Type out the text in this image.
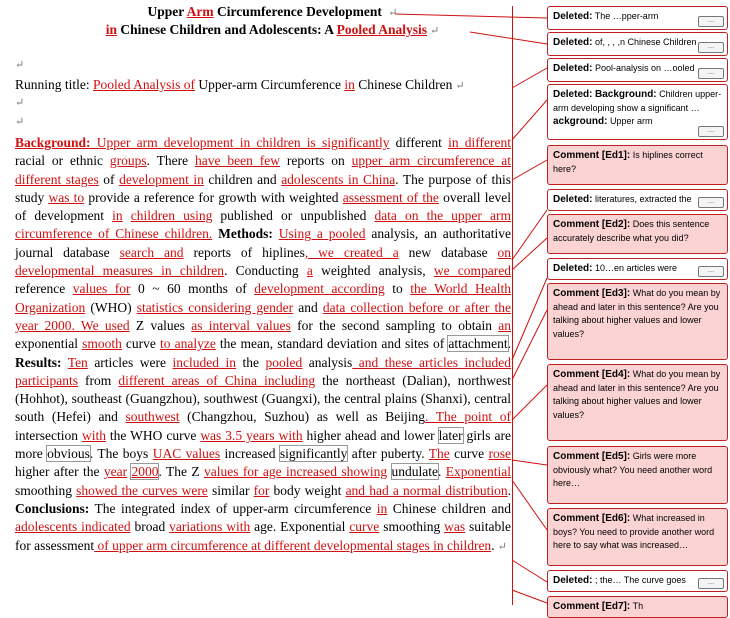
Upper Arm Circumference Development ↵
in Chinese Children and Adolescents: A Pooled Analysis ↵
↵
Running title: Pooled Analysis of Upper-arm Circumference in Chinese Children ↵
↵
↵
Background: Upper arm development in children is significantly different in different racial or ethnic groups. There have been few reports on upper arm circumference at different stages of development in children and adolescents in China. The purpose of this study was to provide a reference for growth with weighted assessment of the overall level of development in children using published or unpublished data on the upper arm circumference of Chinese children. Methods: Using a pooled analysis, an authoritative journal database search and reports of hiplines, we created a new database on developmental measures in children. Conducting a weighted analysis, we compared reference values for 0 ~ 60 months of development according to the World Health Organization (WHO) statistics considering gender and data collection before or after the year 2000. We used Z values as interval values for the second sampling to obtain an exponential smooth curve to analyze the mean, standard deviation and sites of attachment. Results: Ten articles were included in the pooled analysis and these articles included participants from different areas of China including the northeast (Dalian), northwest (Hohhot), southeast (Guangzhou), southwest (Guangxi), the central plains (Shanxi), central south (Hefei) and southwest (Changzhou, Suzhou) as well as Beijing. The point of intersection with the WHO curve was 3.5 years with higher ahead and lower later girls are more obvious. The boys UAC values increased significantly after puberty. The curve rose higher after the year 2000. The Z values for age increased showing undulate. Exponential smoothing showed the curves were similar for body weight and had a normal distribution. Conclusions: The integrated index of upper-arm circumference in Chinese children and adolescents indicated broad variations with age. Exponential curve smoothing was suitable for assessment of upper arm circumference at different developmental stages in children. ↵
Deleted: The …pper-arm	…
Deleted: of, , , ,n Chinese Children	…
Deleted: Pool-analysis on …ooled	…
Deleted: Background: Children upper-arm developing show a significant …ackground: Upper arm
…
Comment [Ed1]: Is hiplines correct here?
Deleted: literatures, extracted the	…
Comment [Ed2]: Does this sentence accurately describe what you did?
Deleted: 10…en articles were	…
Comment [Ed3]: What do you mean by ahead and later in this sentence? Are you talking about higher values and lower values?
Comment [Ed4]: What do you mean by ahead and later in this sentence? Are you talking about higher values and lower values?
Comment [Ed5]: Girls were more obviously what? You need another word here…
Comment [Ed6]: What increased in boys? You need to provide another word here to say what was increased…
Deleted: ; the… The curve goes	…
Comment [Ed7]: Th
